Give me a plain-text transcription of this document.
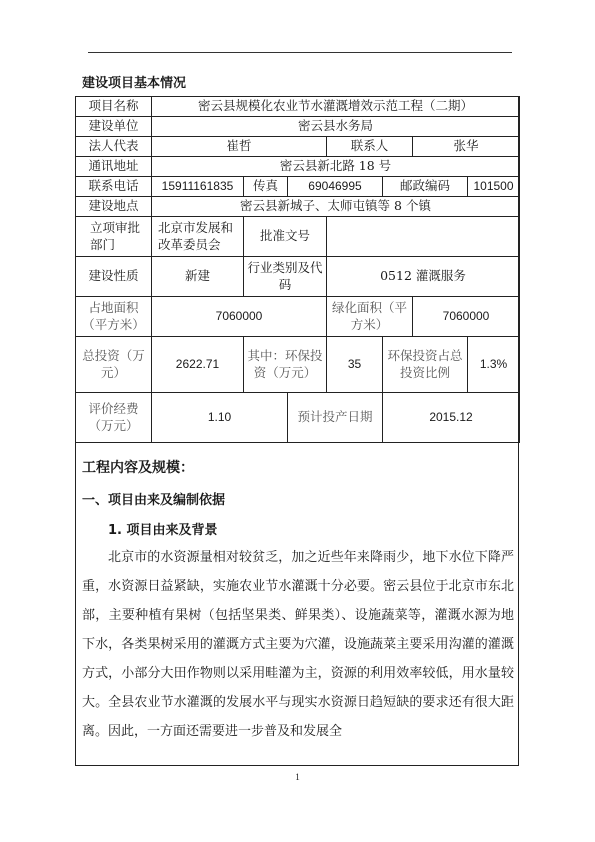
建设项目基本情况
项目名称	密云县规模化农业节水灌溉增效示范工程（二期）						
建设单位	密云县水务局						
法人代表	崔哲			联系人		张华	
通讯地址	密云县新北路 18 号						
联系电话	15911161835	传真	69046995		邮政编码		101500
建设地点	密云县新城子、太师屯镇等 8 个镇						
立项审批部门	北京市发展和改革委员会	批准文号					
建设性质	新建	行业类别及代码		0512 灌溉服务			
占地面积（平方米）	7060000			绿化面积（平方米）		7060000	
总投资（万元）	2622.71	其中：环保投资（万元）		35	环保投资占总投资比例		1.3%
评价经费（万元）	1.10		预计投产日期		2015.12		
工程内容及规模：
一、项目由来及编制依据
1. 项目由来及背景

北京市的水资源量相对较贫乏，加之近些年来降雨少，地下水位下降严重，水资源日益紧缺，实施农业节水灌溉十分必要。密云县位于北京市东北部，主要种植有果树（包括坚果类、鲜果类）、设施蔬菜等，灌溉水源为地下水，各类果树采用的灌溉方式主要为穴灌，设施蔬菜主要采用沟灌的灌溉方式，小部分大田作物则以采用畦灌为主，资源的利用效率较低，用水量较大。全县农业节水灌溉的发展水平与现实水资源日趋短缺的要求还有很大距离。因此，一方面还需要进一步普及和发展全

1
